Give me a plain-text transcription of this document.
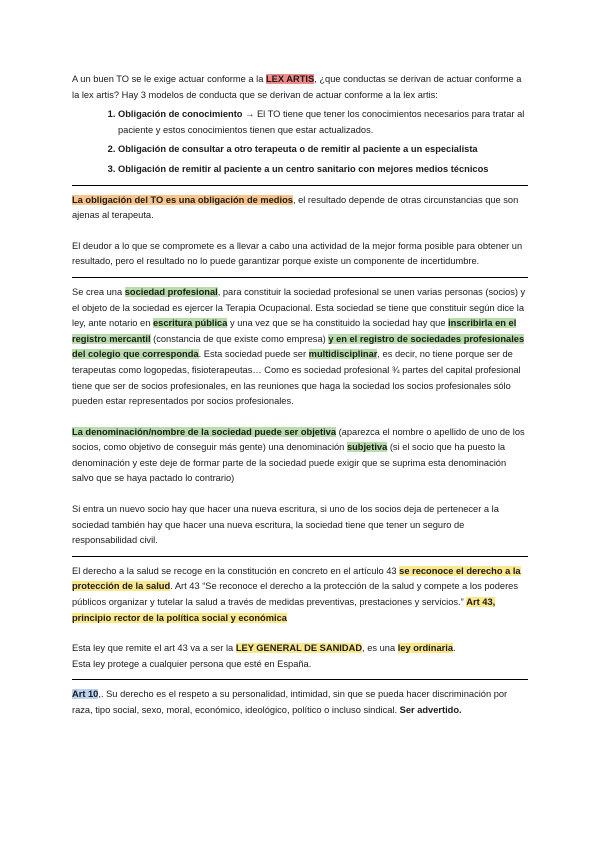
A un buen TO se le exige actuar conforme a la LEX ARTIS, ¿que conductas se derivan de actuar conforme a la lex artis? Hay 3 modelos de conducta que se derivan de actuar conforme a la lex artis:

1. Obligación de conocimiento → El TO tiene que tener los conocimientos necesarios para tratar al paciente y estos conocimientos tienen que estar actualizados.
2. Obligación de consultar a otro terapeuta o de remitir al paciente a un especialista
3. Obligación de remitir al paciente a un centro sanitario con mejores medios técnicos

La obligación del TO es una obligación de medios, el resultado depende de otras circunstancias que son ajenas al terapeuta.

El deudor a lo que se compromete es a llevar a cabo una actividad de la mejor forma posible para obtener un resultado, pero el resultado no lo puede garantizar porque existe un componente de incertidumbre.

Se crea una sociedad profesional, para constituir la sociedad profesional se unen varias personas (socios) y el objeto de la sociedad es ejercer la Terapia Ocupacional. Esta sociedad se tiene que constituir según dice la ley, ante notario en escritura pública y una vez que se ha constituido la sociedad hay que inscribirla en el registro mercantil (constancia de que existe como empresa) y en el registro de sociedades profesionales del colegio que corresponda. Esta sociedad puede ser multidisciplinar, es decir, no tiene porque ser de terapeutas como logopedas, fisioterapeutas… Como es sociedad profesional ¾ partes del capital profesional tiene que ser de socios profesionales, en las reuniones que haga la sociedad los socios profesionales sólo pueden estar representados por socios profesionales.

La denominación/nombre de la sociedad puede ser objetiva (aparezca el nombre o apellido de uno de los socios, como objetivo de conseguir más gente) una denominación subjetiva (si el socio que ha puesto la denominación y este deje de formar parte de la sociedad puede exigir que se suprima esta denominación salvo que se haya pactado lo contrario)

Si entra un nuevo socio hay que hacer una nueva escritura, si uno de los socios deja de pertenecer a la sociedad también hay que hacer una nueva escritura, la sociedad tiene que tener un seguro de responsabilidad civil.

El derecho a la salud se recoge en la constitución en concreto en el artículo 43 se reconoce el derecho a la protección de la salud. Art 43 “Se reconoce el derecho a la protección de la salud y compete a los poderes públicos organizar y tutelar la salud a través de medidas preventivas, prestaciones y servicios.” Art 43, principio rector de la política social y económica

Esta ley que remite el art 43 va a ser la LEY GENERAL DE SANIDAD, es una ley ordinaria.
Esta ley protege a cualquier persona que esté en España.

Art 10,. Su derecho es el respeto a su personalidad, intimidad, sin que se pueda hacer discriminación por raza, tipo social, sexo, moral, económico, ideológico, político o incluso sindical. Ser advertido.
